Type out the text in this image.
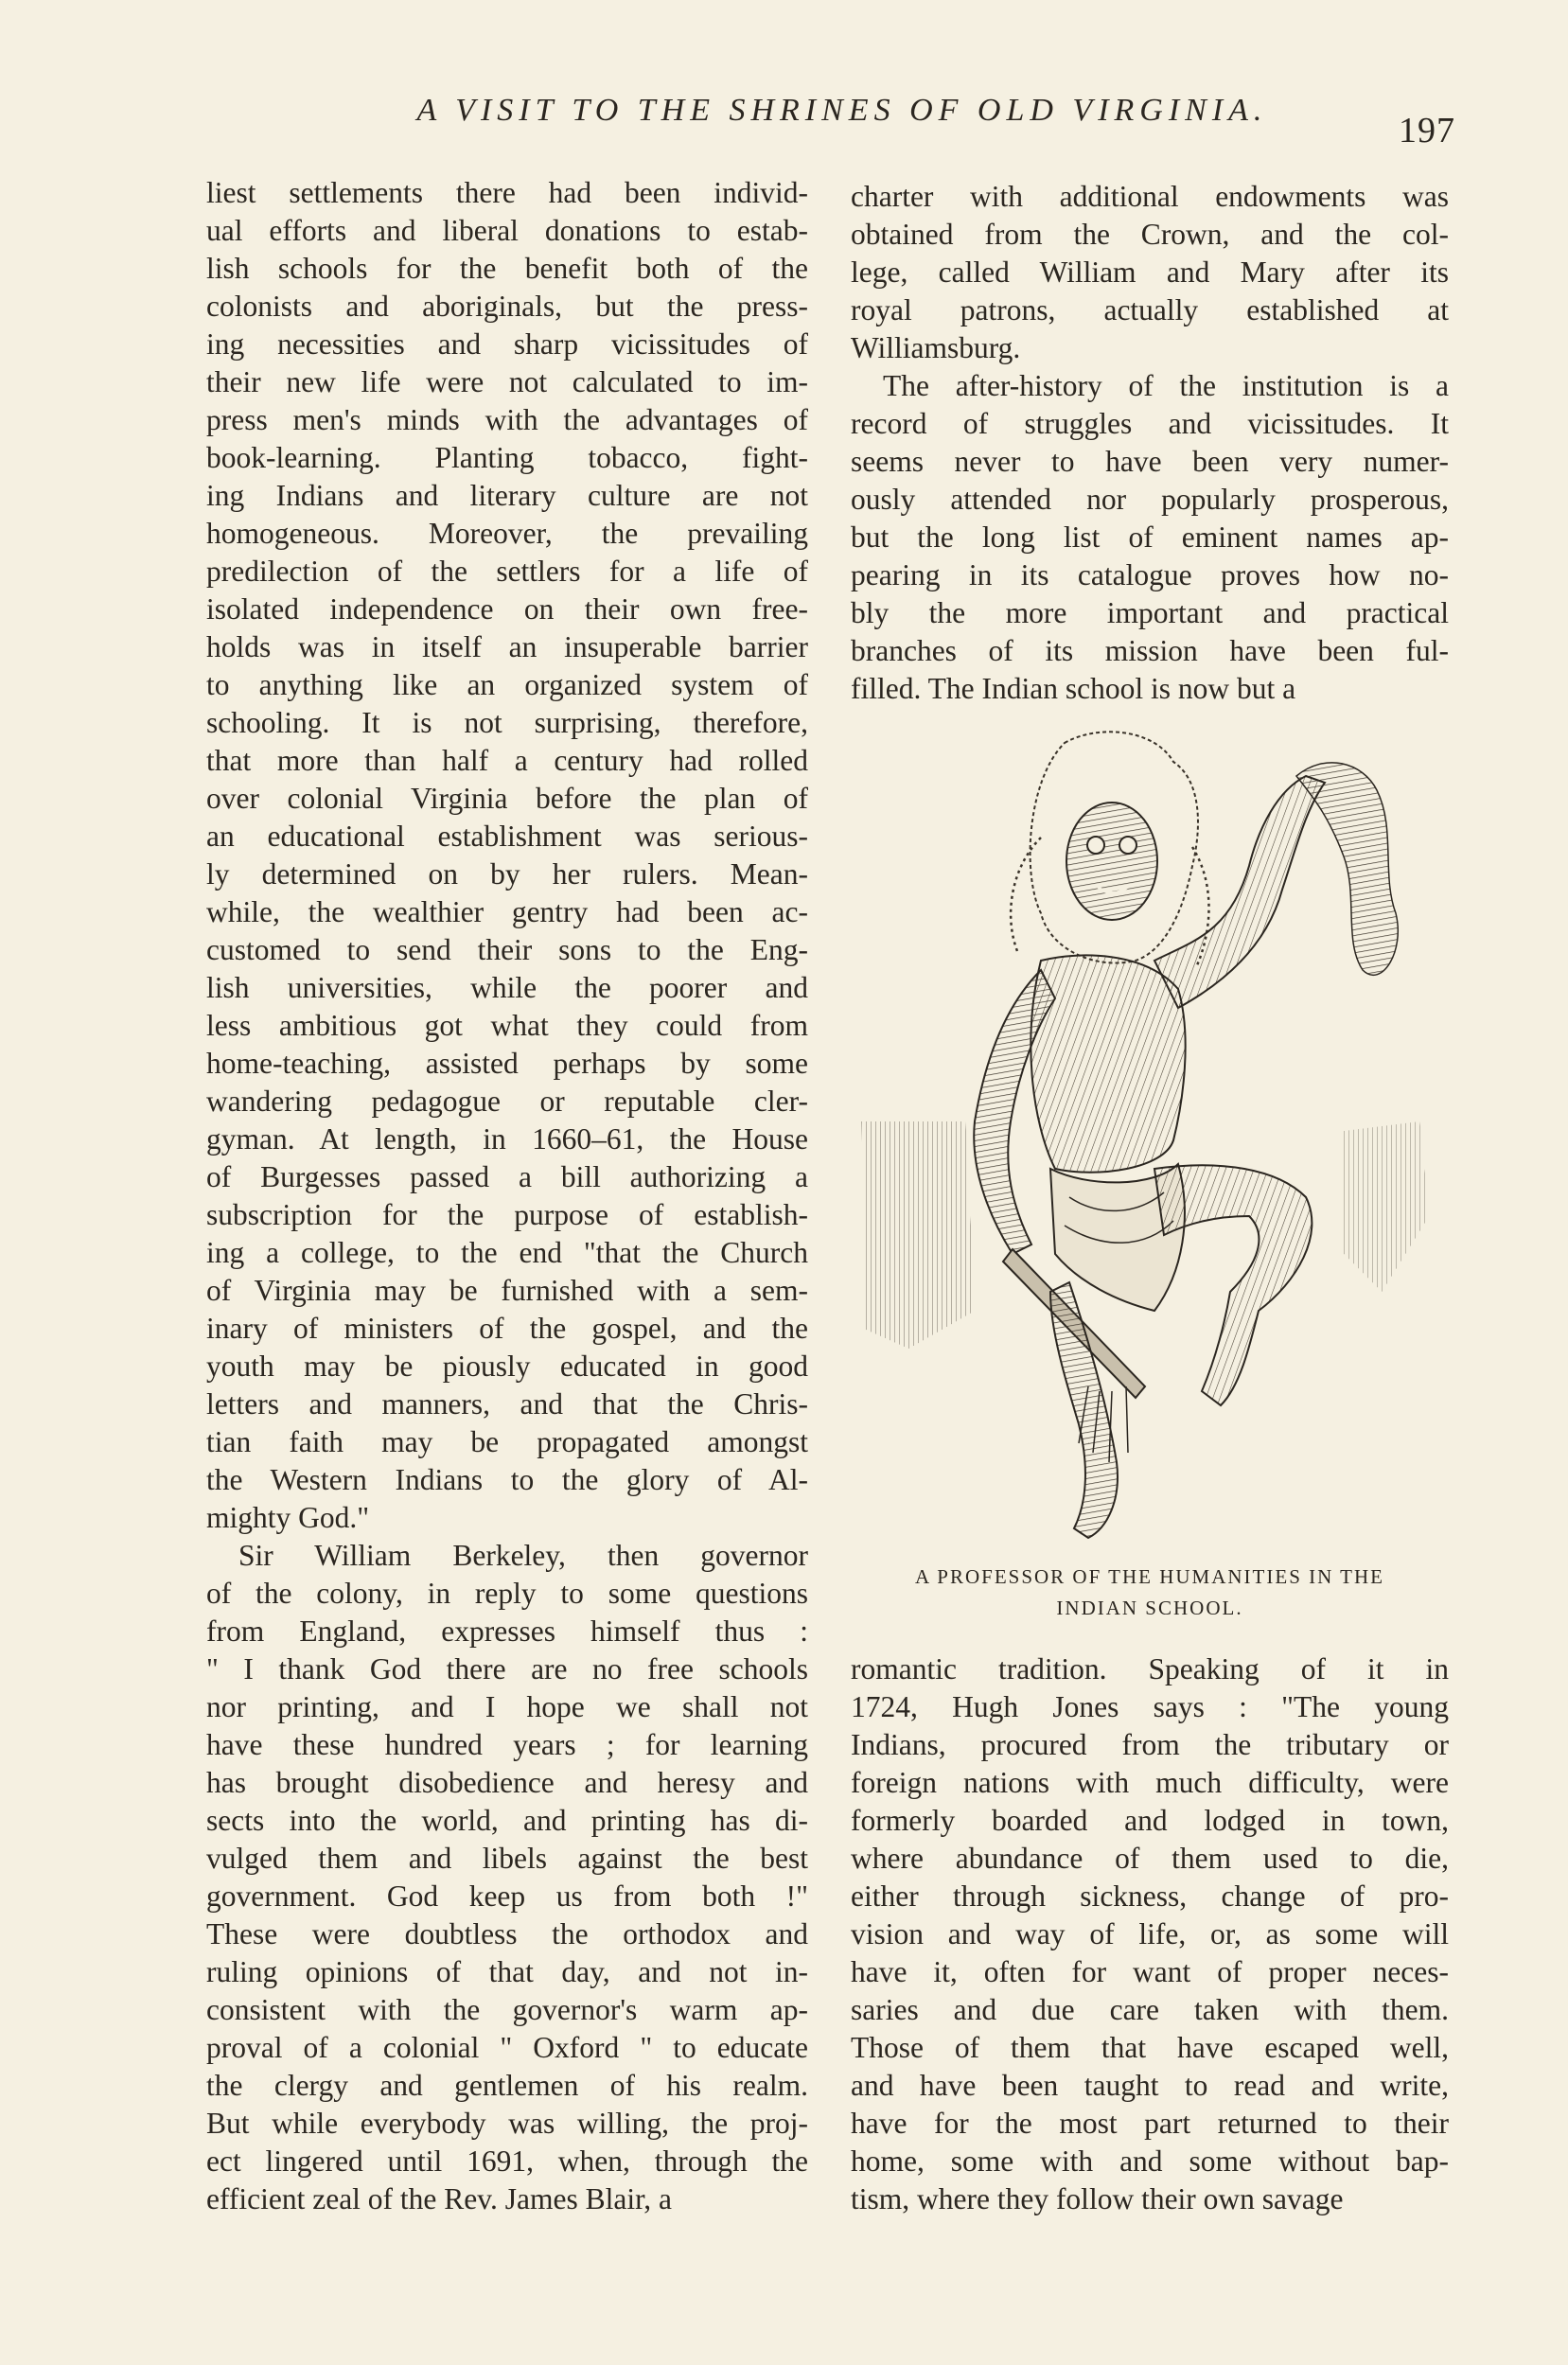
A VISIT TO THE SHRINES OF OLD VIRGINIA.
197
liest settlements there had been individ-
ual efforts and liberal donations to estab-
lish schools for the benefit both of the
colonists and aboriginals, but the press-
ing necessities and sharp vicissitudes of
their new life were not calculated to im-
press men's minds with the advantages of
book-learning. Planting tobacco, fight-
ing Indians and literary culture are not
homogeneous. Moreover, the prevailing
predilection of the settlers for a life of
isolated independence on their own free-
holds was in itself an insuperable barrier
to anything like an organized system of
schooling. It is not surprising, therefore,
that more than half a century had rolled
over colonial Virginia before the plan of
an educational establishment was serious-
ly determined on by her rulers. Mean-
while, the wealthier gentry had been ac-
customed to send their sons to the Eng-
lish universities, while the poorer and
less ambitious got what they could from
home-teaching, assisted perhaps by some
wandering pedagogue or reputable cler-
gyman. At length, in 1660–61, the House
of Burgesses passed a bill authorizing a
subscription for the purpose of establish-
ing a college, to the end "that the Church
of Virginia may be furnished with a sem-
inary of ministers of the gospel, and the
youth may be piously educated in good
letters and manners, and that the Chris-
tian faith may be propagated amongst
the Western Indians to the glory of Al-
mighty God."
Sir William Berkeley, then governor
of the colony, in reply to some questions
from England, expresses himself thus :
" I thank God there are no free schools
nor printing, and I hope we shall not
have these hundred years ; for learning
has brought disobedience and heresy and
sects into the world, and printing has di-
vulged them and libels against the best
government. God keep us from both !"
These were doubtless the orthodox and
ruling opinions of that day, and not in-
consistent with the governor's warm ap-
proval of a colonial " Oxford " to educate
the clergy and gentlemen of his realm.
But while everybody was willing, the proj-
ect lingered until 1691, when, through the
efficient zeal of the Rev. James Blair, a
charter with additional endowments was
obtained from the Crown, and the col-
lege, called William and Mary after its
royal patrons, actually established at
Williamsburg.
The after-history of the institution is a
record of struggles and vicissitudes. It
seems never to have been very numer-
ously attended nor popularly prosperous,
but the long list of eminent names ap-
pearing in its catalogue proves how no-
bly the more important and practical
branches of its mission have been ful-
filled. The Indian school is now but a
A PROFESSOR OF THE HUMANITIES IN THE
INDIAN SCHOOL.
romantic tradition. Speaking of it in
1724, Hugh Jones says : "The young
Indians, procured from the tributary or
foreign nations with much difficulty, were
formerly boarded and lodged in town,
where abundance of them used to die,
either through sickness, change of pro-
vision and way of life, or, as some will
have it, often for want of proper neces-
saries and due care taken with them.
Those of them that have escaped well,
and have been taught to read and write,
have for the most part returned to their
home, some with and some without bap-
tism, where they follow their own savage
